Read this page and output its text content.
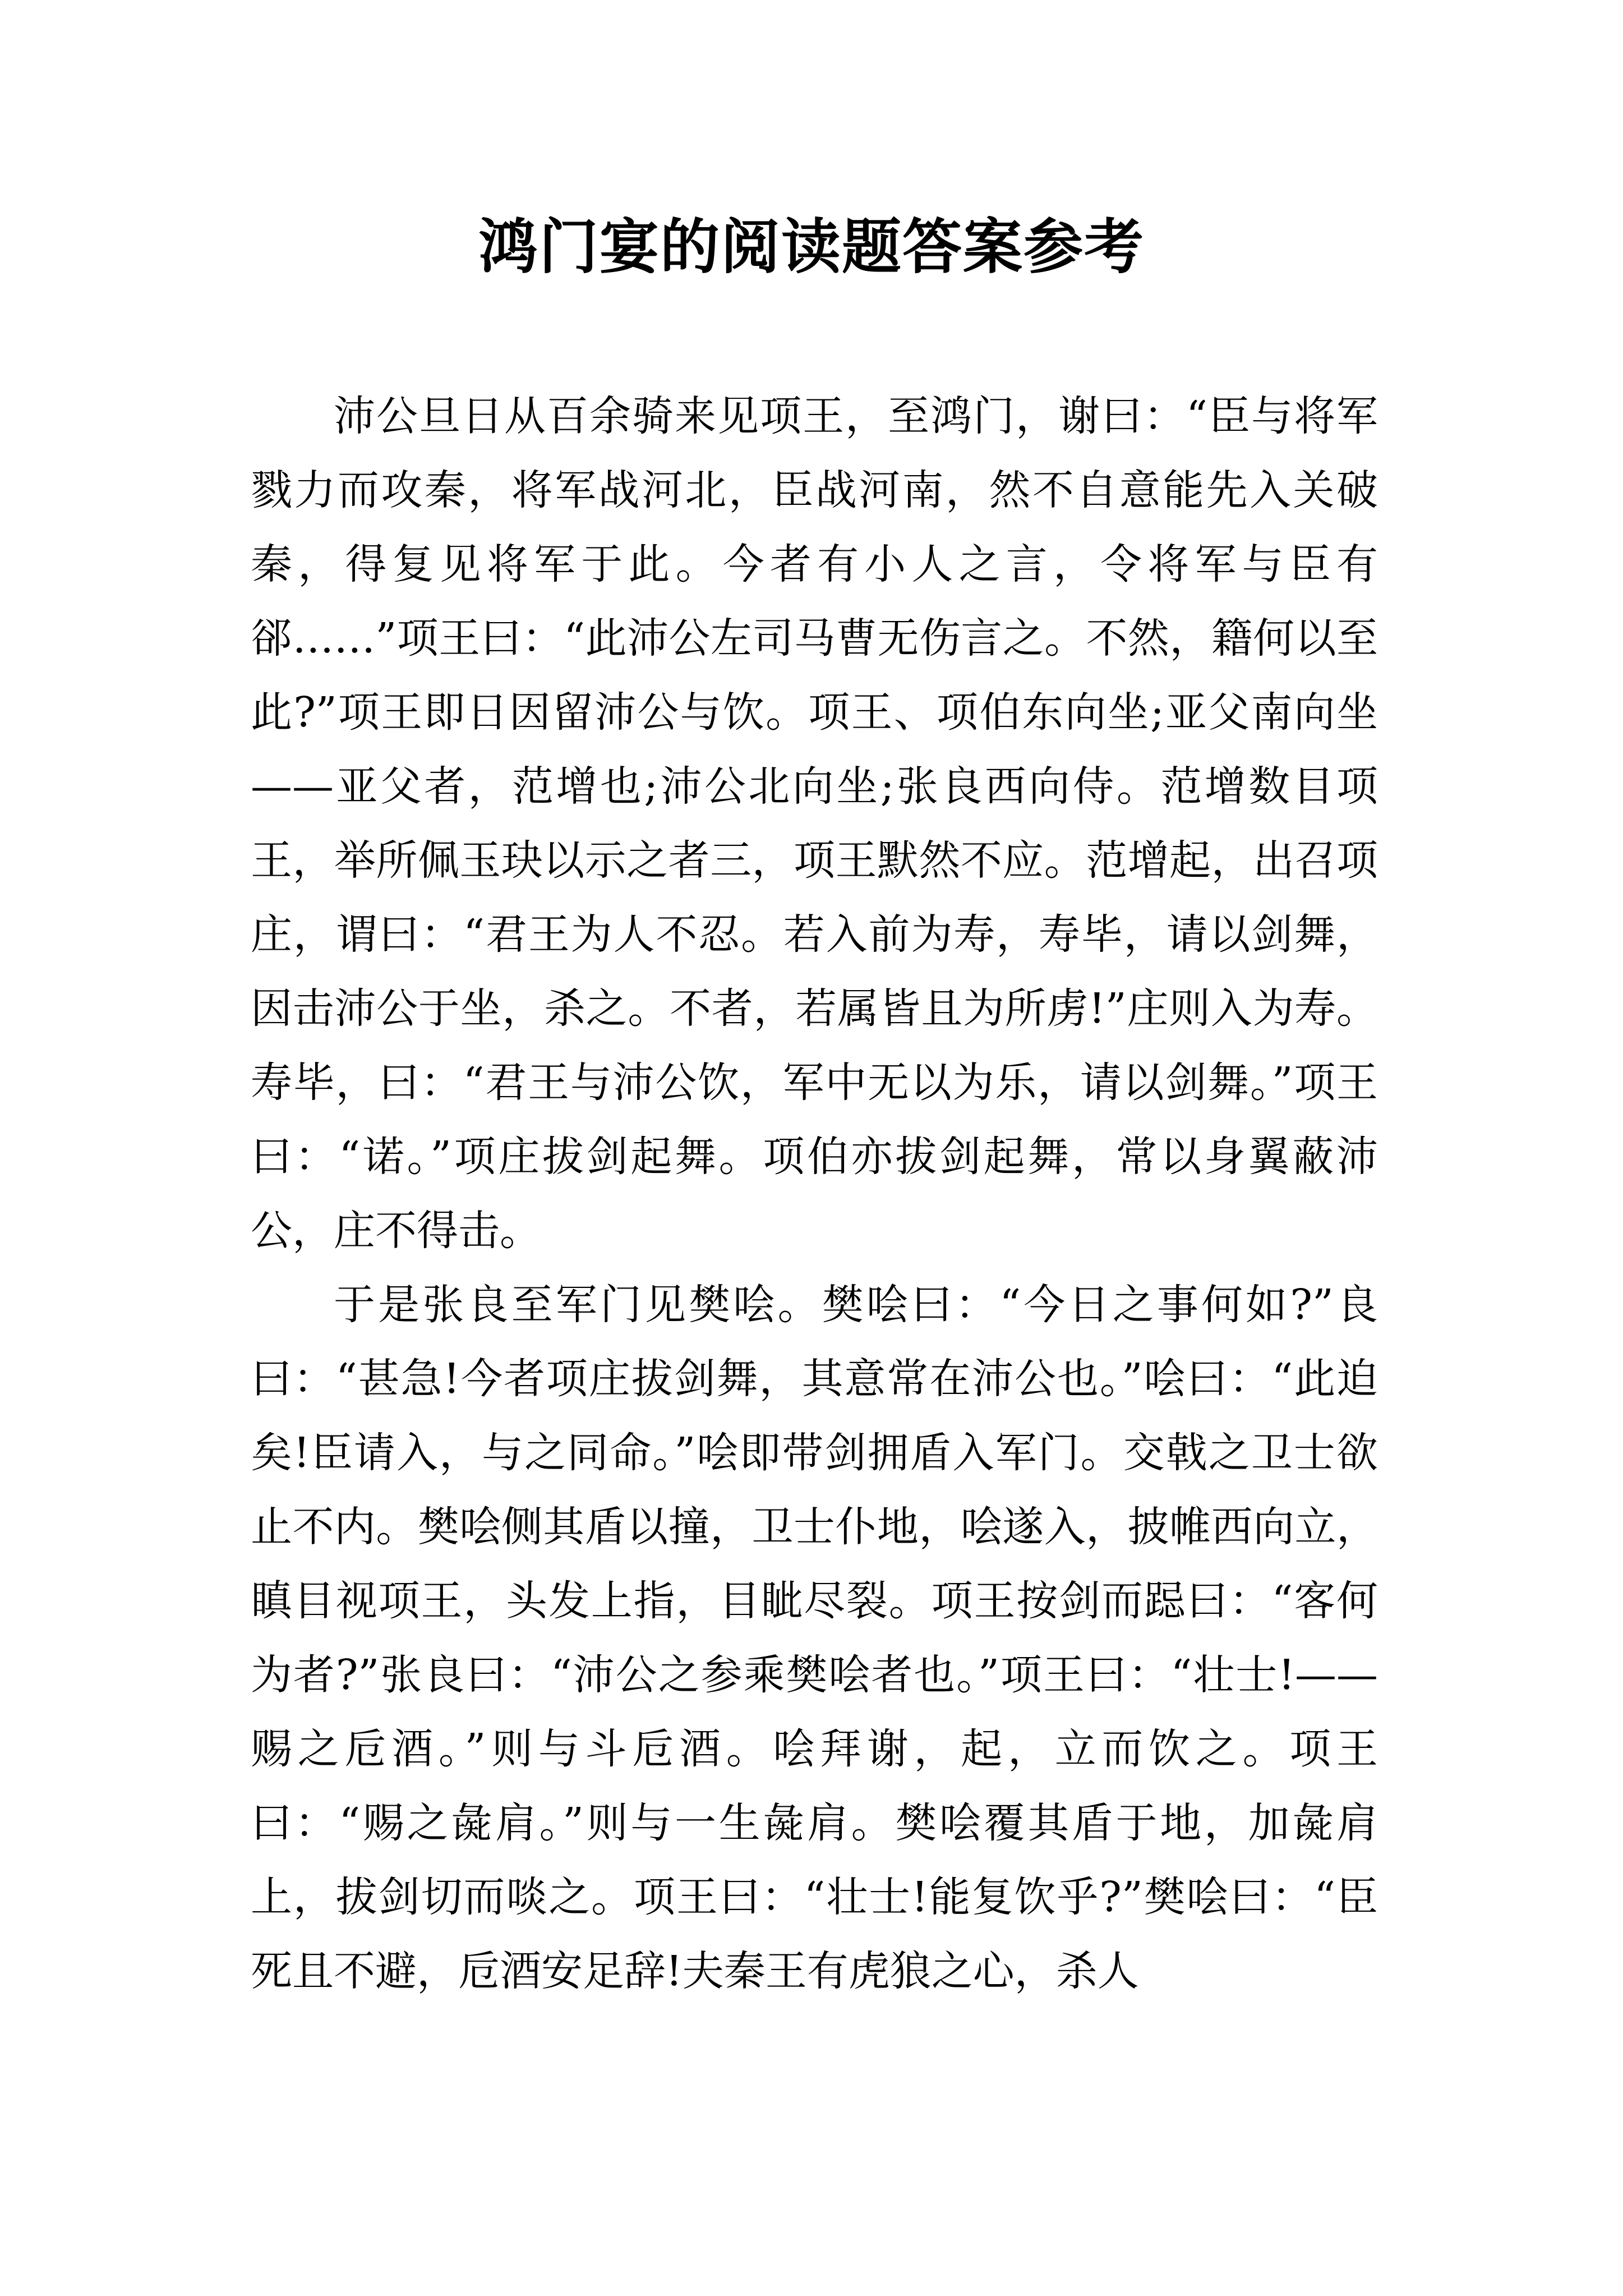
鸿门宴的阅读题答案参考

沛公旦日从百余骑来见项王，至鸿门，谢曰：“臣与将军戮力而攻秦，将军战河北，臣战河南，然不自意能先入关破秦，得复见将军于此。今者有小人之言，令将军与臣有郤……”项王曰：“此沛公左司马曹无伤言之。不然，籍何以至此?”项王即日因留沛公与饮。项王、项伯东向坐;亚父南向坐——亚父者，范增也;沛公北向坐;张良西向侍。范增数目项王，举所佩玉玦以示之者三，项王默然不应。范增起，出召项庄，谓曰：“君王为人不忍。若入前为寿，寿毕，请以剑舞，因击沛公于坐，杀之。不者，若属皆且为所虏!”庄则入为寿。寿毕，曰：“君王与沛公饮，军中无以为乐，请以剑舞。”项王曰：“诺。”项庄拔剑起舞。项伯亦拔剑起舞，常以身翼蔽沛公，庄不得击。

于是张良至军门见樊哙。樊哙曰：“今日之事何如?”良曰：“甚急!今者项庄拔剑舞，其意常在沛公也。”哙曰：“此迫矣!臣请入，与之同命。”哙即带剑拥盾入军门。交戟之卫士欲止不内。樊哙侧其盾以撞，卫士仆地，哙遂入，披帷西向立，瞋目视项王，头发上指，目眦尽裂。项王按剑而跽曰：“客何为者?”张良曰：“沛公之参乘樊哙者也。”项王曰：“壮士!——赐之卮酒。”则与斗卮酒。哙拜谢，起，立而饮之。项王曰：“赐之彘肩。”则与一生彘肩。樊哙覆其盾于地，加彘肩上，拔剑切而啖之。项王曰：“壮士!能复饮乎?”樊哙曰：“臣死且不避，卮酒安足辞!夫秦王有虎狼之心，杀人
